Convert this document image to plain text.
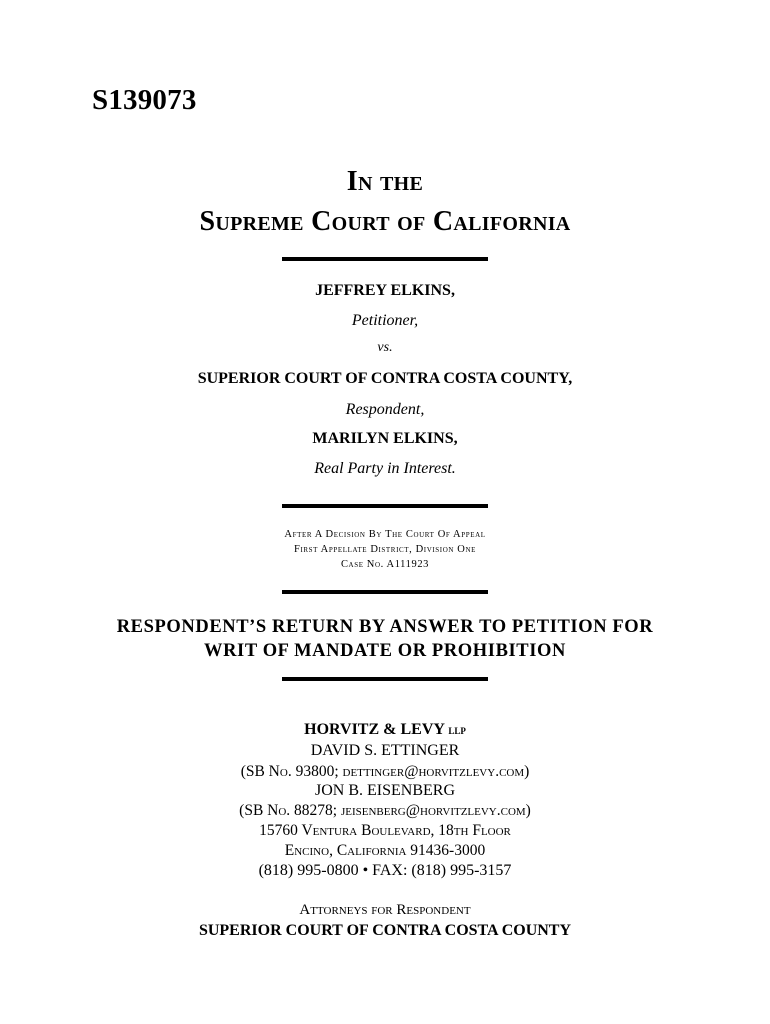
S139073
In the
Supreme Court of California
JEFFREY ELKINS,
Petitioner,
vs.
SUPERIOR COURT OF CONTRA COSTA COUNTY,
Respondent,
MARILYN ELKINS,
Real Party in Interest.
After A Decision By The Court Of Appeal
First Appellate District, Division One
Case No. A111923
RESPONDENT’S RETURN BY ANSWER TO PETITION FOR
WRIT OF MANDATE OR PROHIBITION
HORVITZ & LEVY llp
DAVID S. ETTINGER
(SB No. 93800; dettinger@horvitzlevy.com)
JON B. EISENBERG
(SB No. 88278; jeisenberg@horvitzlevy.com)
15760 Ventura Boulevard, 18th Floor
Encino, California 91436-3000
(818) 995-0800 • FAX: (818) 995-3157
Attorneys for Respondent
SUPERIOR COURT OF CONTRA COSTA COUNTY
